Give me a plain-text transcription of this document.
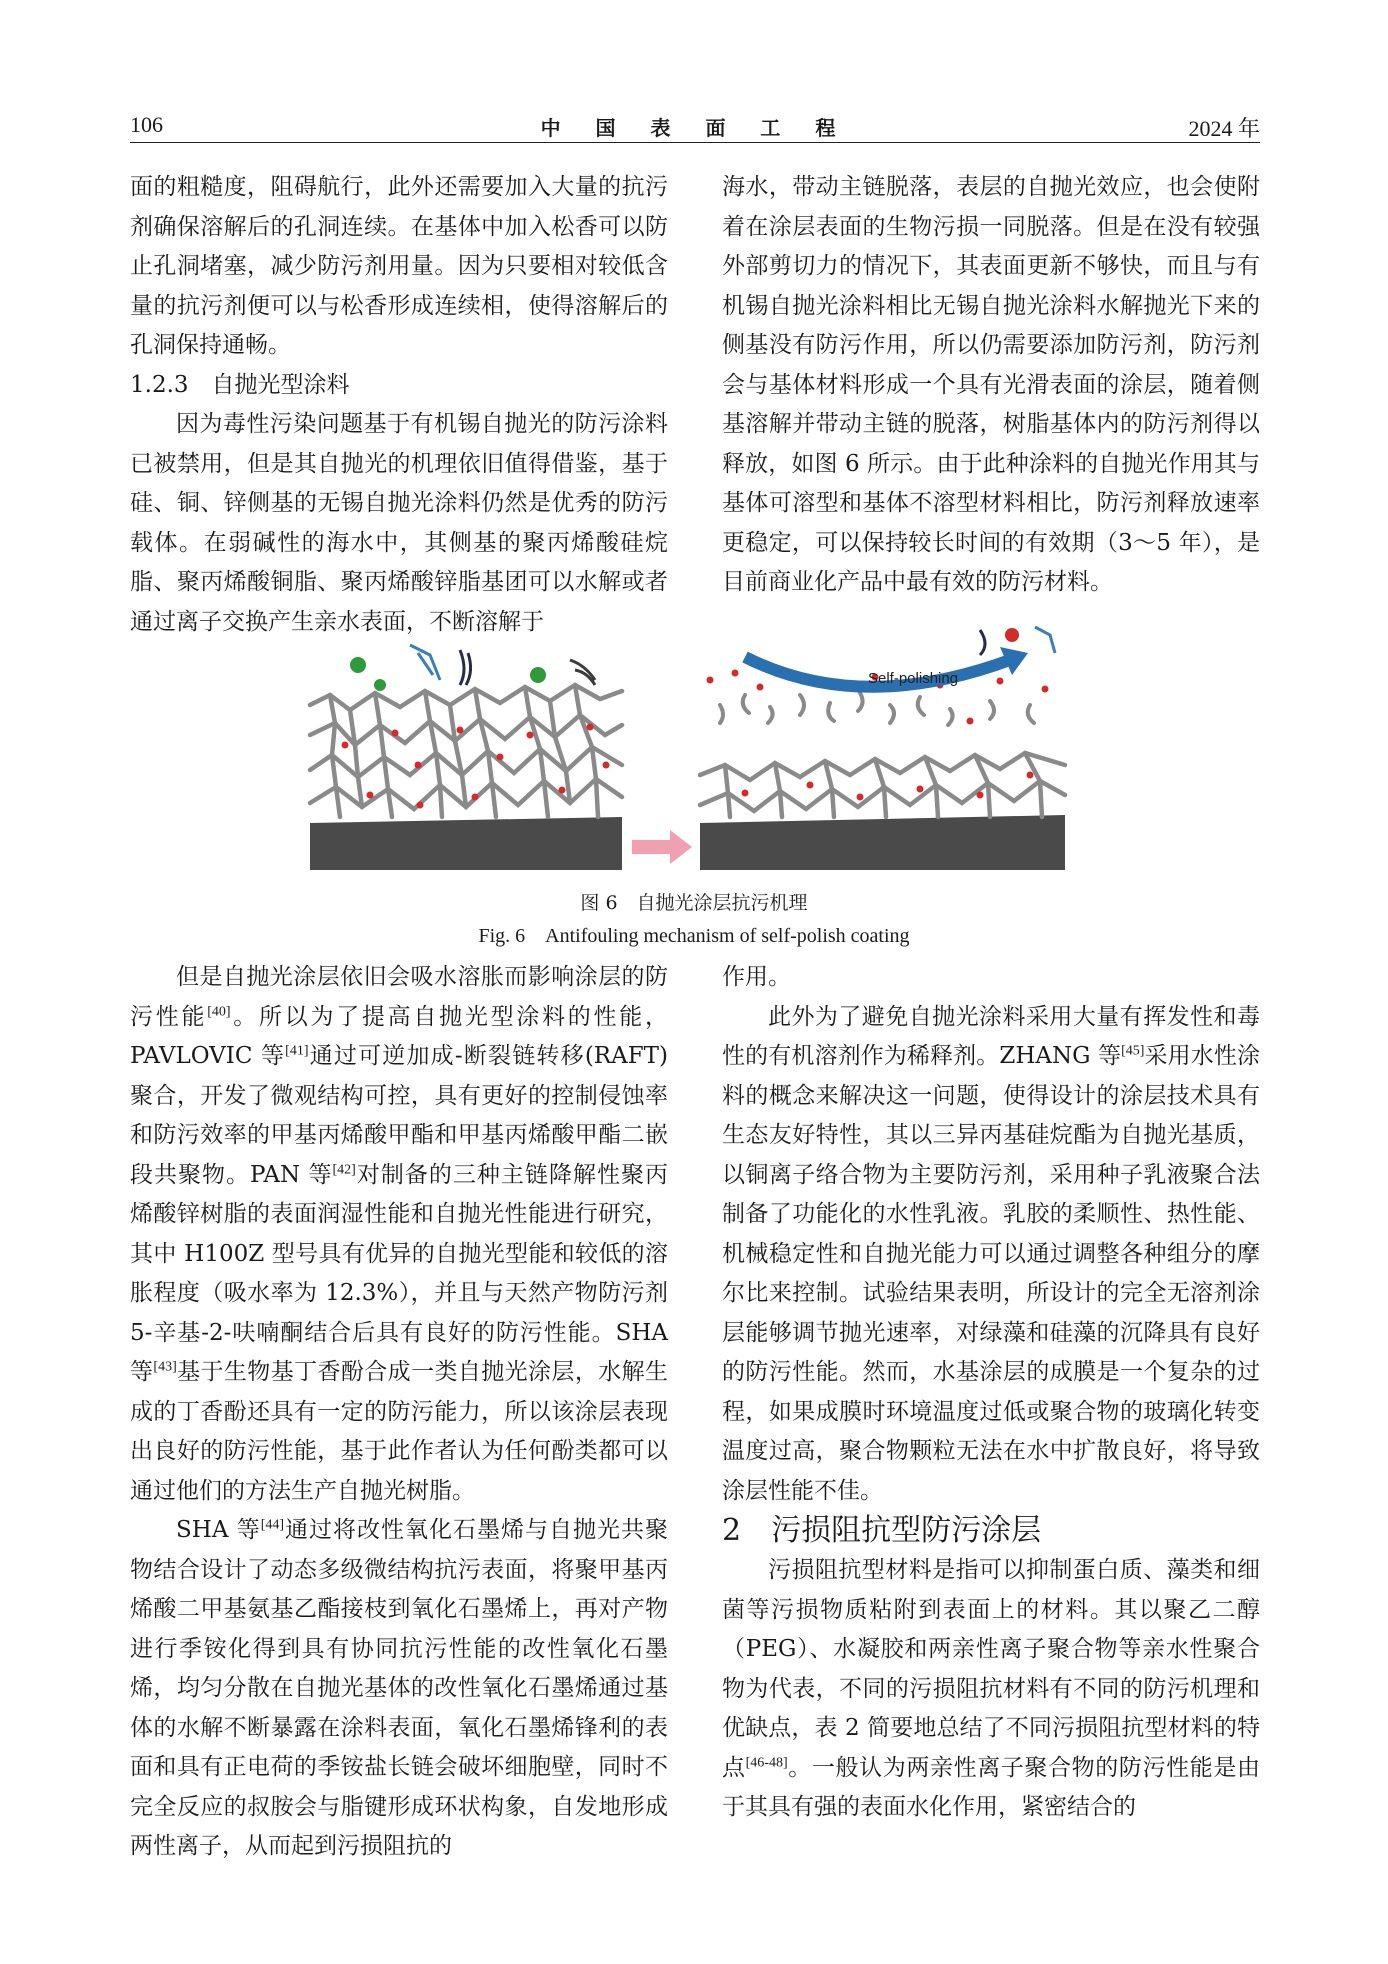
106	中 国 表 面 工 程	2024 年

面的粗糙度，阻碍航行，此外还需要加入大量的抗污剂确保溶解后的孔洞连续。在基体中加入松香可以防止孔洞堵塞，减少防污剂用量。因为只要相对较低含量的抗污剂便可以与松香形成连续相，使得溶解后的孔洞保持通畅。

1.2.3　自抛光型涂料

因为毒性污染问题基于有机锡自抛光的防污涂料已被禁用，但是其自抛光的机理依旧值得借鉴，基于硅、铜、锌侧基的无锡自抛光涂料仍然是优秀的防污载体。在弱碱性的海水中，其侧基的聚丙烯酸硅烷脂、聚丙烯酸铜脂、聚丙烯酸锌脂基团可以水解或者通过离子交换产生亲水表面，不断溶解于

海水，带动主链脱落，表层的自抛光效应，也会使附着在涂层表面的生物污损一同脱落。但是在没有较强外部剪切力的情况下，其表面更新不够快，而且与有机锡自抛光涂料相比无锡自抛光涂料水解抛光下来的侧基没有防污作用，所以仍需要添加防污剂，防污剂会与基体材料形成一个具有光滑表面的涂层，随着侧基溶解并带动主链的脱落，树脂基体内的防污剂得以释放，如图 6 所示。由于此种涂料的自抛光作用其与基体可溶型和基体不溶型材料相比，防污剂释放速率更稳定，可以保持较长时间的有效期（3～5 年），是目前商业化产品中最有效的防污材料。

Self-polishing
图 6　自抛光涂层抗污机理
Fig. 6　Antifouling mechanism of self-polish coating

但是自抛光涂层依旧会吸水溶胀而影响涂层的防污性能[40]。所以为了提高自抛光型涂料的性能，PAVLOVIC 等[41]通过可逆加成-断裂链转移(RAFT)聚合，开发了微观结构可控，具有更好的控制侵蚀率和防污效率的甲基丙烯酸甲酯和甲基丙烯酸甲酯二嵌段共聚物。PAN 等[42]对制备的三种主链降解性聚丙烯酸锌树脂的表面润湿性能和自抛光性能进行研究，其中 H100Z 型号具有优异的自抛光型能和较低的溶胀程度（吸水率为 12.3%），并且与天然产物防污剂 5-辛基-2-呋喃酮结合后具有良好的防污性能。SHA 等[43]基于生物基丁香酚合成一类自抛光涂层，水解生成的丁香酚还具有一定的防污能力，所以该涂层表现出良好的防污性能，基于此作者认为任何酚类都可以通过他们的方法生产自抛光树脂。

SHA 等[44]通过将改性氧化石墨烯与自抛光共聚物结合设计了动态多级微结构抗污表面，将聚甲基丙烯酸二甲基氨基乙酯接枝到氧化石墨烯上，再对产物进行季铵化得到具有协同抗污性能的改性氧化石墨烯，均匀分散在自抛光基体的改性氧化石墨烯通过基体的水解不断暴露在涂料表面，氧化石墨烯锋利的表面和具有正电荷的季铵盐长链会破坏细胞壁，同时不完全反应的叔胺会与脂键形成环状构象，自发地形成两性离子，从而起到污损阻抗的

作用。

此外为了避免自抛光涂料采用大量有挥发性和毒性的有机溶剂作为稀释剂。ZHANG 等[45]采用水性涂料的概念来解决这一问题，使得设计的涂层技术具有生态友好特性，其以三异丙基硅烷酯为自抛光基质，以铜离子络合物为主要防污剂，采用种子乳液聚合法制备了功能化的水性乳液。乳胶的柔顺性、热性能、机械稳定性和自抛光能力可以通过调整各种组分的摩尔比来控制。试验结果表明，所设计的完全无溶剂涂层能够调节抛光速率，对绿藻和硅藻的沉降具有良好的防污性能。然而，水基涂层的成膜是一个复杂的过程，如果成膜时环境温度过低或聚合物的玻璃化转变温度过高，聚合物颗粒无法在水中扩散良好，将导致涂层性能不佳。

2　污损阻抗型防污涂层

污损阻抗型材料是指可以抑制蛋白质、藻类和细菌等污损物质粘附到表面上的材料。其以聚乙二醇（PEG）、水凝胶和两亲性离子聚合物等亲水性聚合物为代表，不同的污损阻抗材料有不同的防污机理和优缺点，表 2 简要地总结了不同污损阻抗型材料的特点[46-48]。一般认为两亲性离子聚合物的防污性能是由于其具有强的表面水化作用，紧密结合的
